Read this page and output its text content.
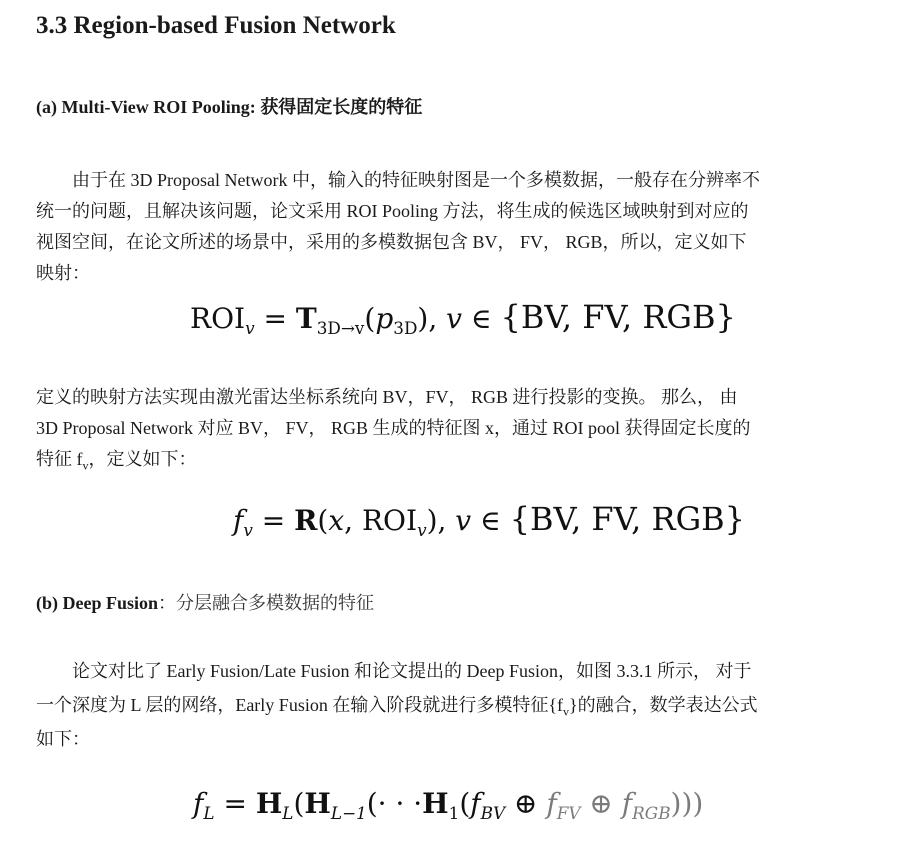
3.3 Region-based Fusion Network
(a) Multi-View ROI Pooling: 获得固定长度的特征
由于在 3D Proposal Network 中，输入的特征映射图是一个多模数据，一般存在分辨率不
统一的问题，且解决该问题，论文采用 ROI Pooling 方法，将生成的候选区域映射到对应的
视图空间，在论文所述的场景中，采用的多模数据包含 BV， FV， RGB，所以，定义如下
映射：
$ROI_v = T_{3D\to v}(p_{3D})$, v ∈ {BV, FV, RGB}
定义的映射方法实现由激光雷达坐标系统向 BV，FV， RGB 进行投影的变换。 那么， 由
3D Proposal Network 对应 BV， FV， RGB 生成的特征图 x，通过 ROI pool 获得固定长度的
特征 $f_v$，定义如下：
$f_v = R(x$, $ROI_v$), v ∈ {BV, FV, RGB}
(b) Deep Fusion：分层融合多模数据的特征
论文对比了 Early Fusion/Late Fusion 和论文提出的 Deep Fusion，如图 3.3.1 所示， 对于
一个深度为 L 层的网络，Early Fusion 在输入阶段就进行多模特征$\{f_v\}$的融合，数学表达公式
如下：
$f_L = H_L(H_{L-1}(\cdot \cdot \cdot H_1(f_{BV}$ ⊕ $f_{FV}$ ⊕ $f_{RGB}$)))
